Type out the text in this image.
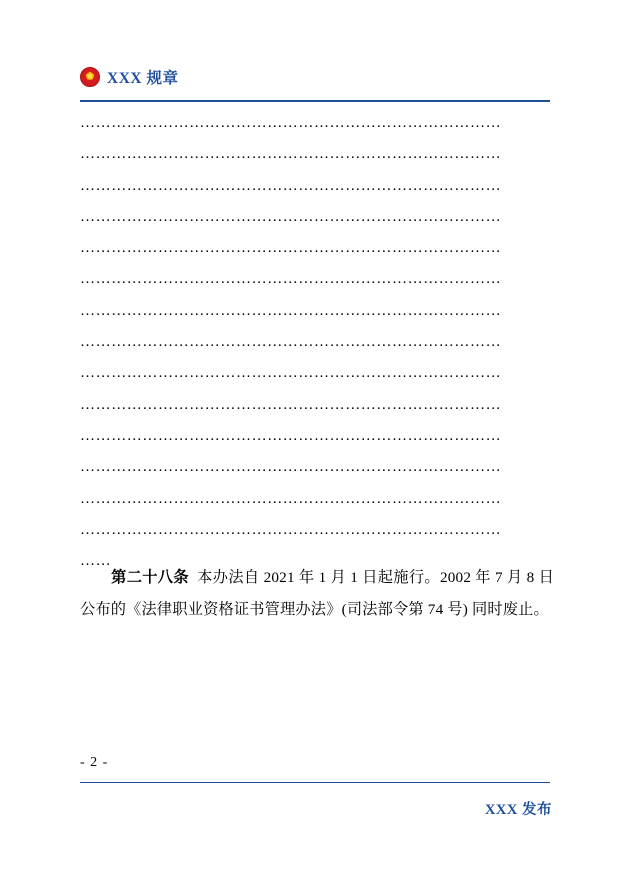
★
XXX 规章
………………………………………………………………………
………………………………………………………………………
………………………………………………………………………
………………………………………………………………………
………………………………………………………………………
………………………………………………………………………
………………………………………………………………………
………………………………………………………………………
………………………………………………………………………
………………………………………………………………………
………………………………………………………………………
………………………………………………………………………
………………………………………………………………………
………………………………………………………………………
……
第二十八条 本办法自 2021 年 1 月 1 日起施行。2002 年 7 月 8 日公布的《法律职业资格证书管理办法》(司法部令第 74 号) 同时废止。
- 2 -
XXX 发布
